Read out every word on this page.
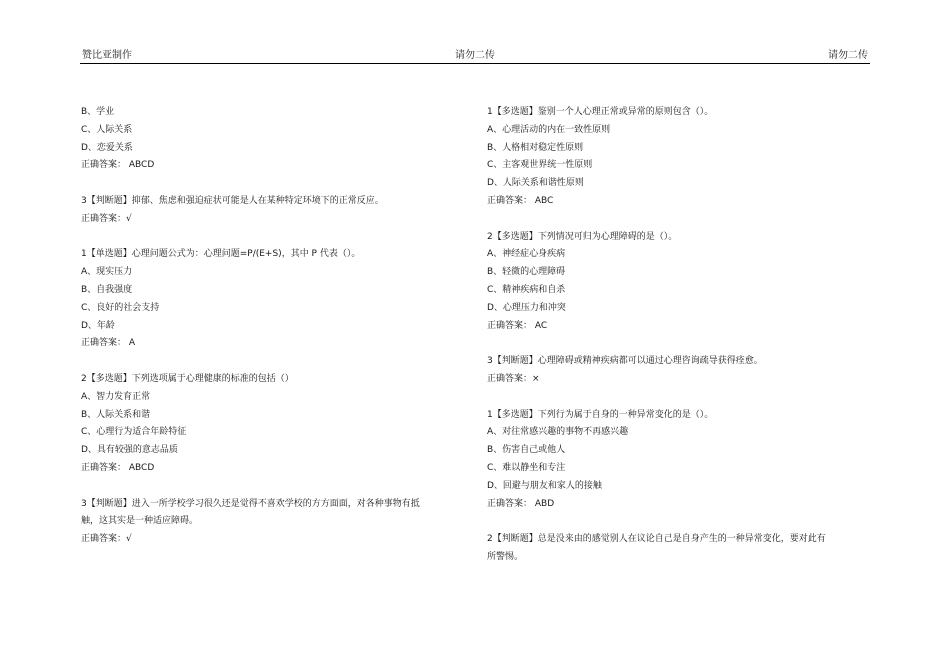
赞比亚制作	请勿二传	请勿二传
B、学业
C、人际关系
D、恋爱关系
正确答案： ABCD
3【判断题】抑郁、焦虑和强迫症状可能是人在某种特定环境下的正常反应。
正确答案：√
1【单选题】心理问题公式为：心理问题=P/(E+S)，其中 P 代表（）。
A、现实压力
B、自我强度
C、良好的社会支持
D、年龄
正确答案： A
2【多选题】下列选项属于心理健康的标准的包括（）
A、智力发育正常
B、人际关系和谐
C、心理行为适合年龄特征
D、具有较强的意志品质
正确答案： ABCD
3【判断题】进入一所学校学习很久还是觉得不喜欢学校的方方面面，对各种事物有抵
触，这其实是一种适应障碍。
正确答案：√
1【多选题】鉴别一个人心理正常或异常的原则包含（）。
A、心理活动的内在一致性原则
B、人格相对稳定性原则
C、主客观世界统一性原则
D、人际关系和谐性原则
正确答案： ABC
2【多选题】下列情况可归为心理障碍的是（）。
A、神经症心身疾病
B、轻微的心理障碍
C、精神疾病和自杀
D、心理压力和冲突
正确答案： AC
3【判断题】心理障碍或精神疾病都可以通过心理咨询疏导获得痊愈。
正确答案：×
1【多选题】下列行为属于自身的一种异常变化的是（）。
A、对往常感兴趣的事物不再感兴趣
B、伤害自己或他人
C、难以静坐和专注
D、回避与朋友和家人的接触
正确答案： ABD
2【判断题】总是没来由的感觉别人在议论自己是自身产生的一种异常变化，要对此有
所警惕。
